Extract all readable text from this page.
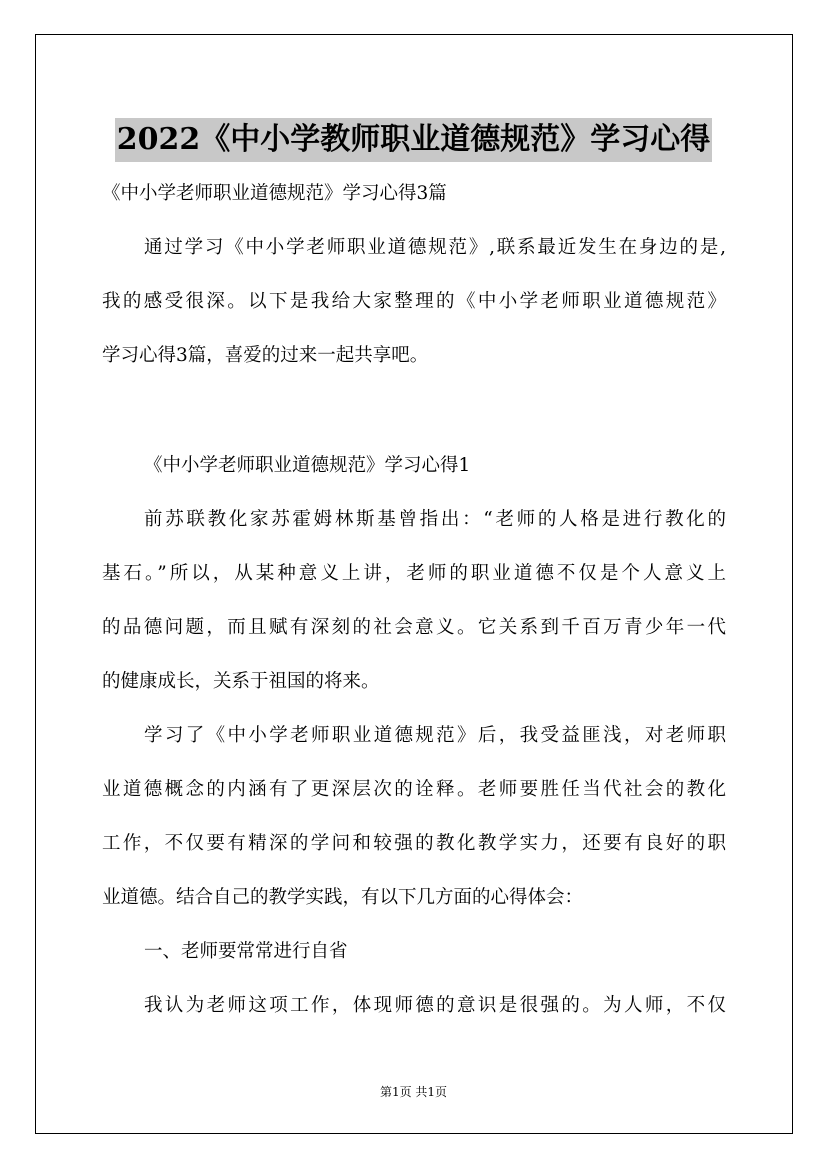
2022《中小学教师职业道德规范》学习心得

《中小学老师职业道德规范》学习心得3篇

通过学习《中小学老师职业道德规范》,联系最近发生在身边的是,

我的感受很深。以下是我给大家整理的《中小学老师职业道德规范》

学习心得3篇，喜爱的过来一起共享吧。

《中小学老师职业道德规范》学习心得1

前苏联教化家苏霍姆林斯基曾指出：“老师的人格是进行教化的

基石。”所以，从某种意义上讲，老师的职业道德不仅是个人意义上

的品德问题，而且赋有深刻的社会意义。它关系到千百万青少年一代

的健康成长，关系于祖国的将来。

学习了《中小学老师职业道德规范》后，我受益匪浅，对老师职

业道德概念的内涵有了更深层次的诠释。老师要胜任当代社会的教化

工作，不仅要有精深的学问和较强的教化教学实力，还要有良好的职

业道德。结合自己的教学实践，有以下几方面的心得体会：

一、老师要常常进行自省

我认为老师这项工作，体现师德的意识是很强的。为人师，不仅

第1页 共1页
